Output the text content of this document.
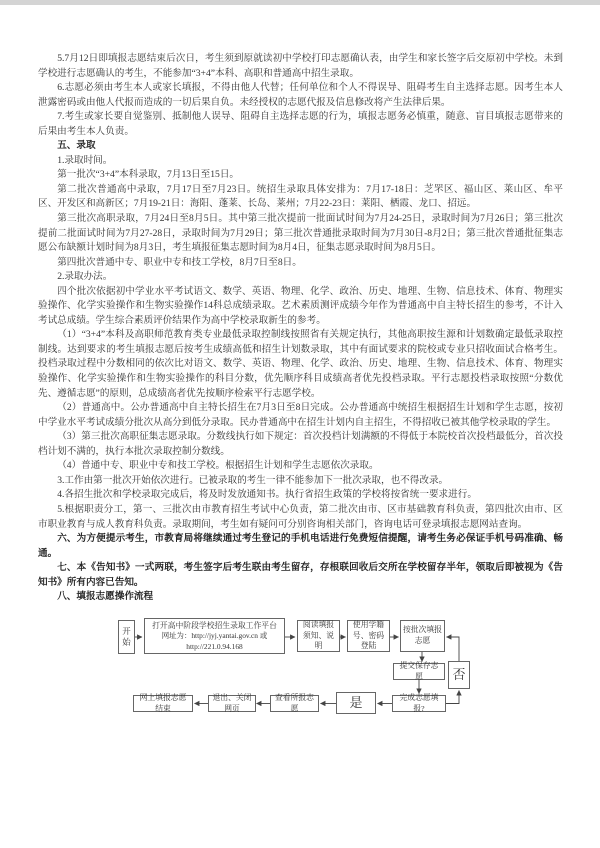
5.7月12日即填报志愿结束后次日，考生须到原就读初中学校打印志愿确认表，由学生和家长签字后交原初中学校。未到学校进行志愿确认的考生，不能参加“3+4”本科、高职和普通高中招生录取。

6.志愿必须由考生本人或家长填报，不得由他人代替；任何单位和个人不得误导、阻碍考生自主选择志愿。因考生本人泄露密码或由他人代报而造成的一切后果自负。未经授权的志愿代报及信息修改将产生法律后果。

7.考生或家长要自觉鉴别、抵制他人误导、阻碍自主选择志愿的行为，填报志愿务必慎重，随意、盲目填报志愿带来的后果由考生本人负责。

五、录取

1.录取时间。

第一批次“3+4”本科录取，7月13日至15日。

第二批次普通高中录取，7月17日至7月23日。统招生录取具体安排为：7月17-18日：芝罘区、福山区、莱山区、牟平区、开发区和高新区；7月19-21日：海阳、蓬莱、长岛、莱州；7月22-23日：莱阳、栖霞、龙口、招远。

第三批次高职录取，7月24日至8月5日。其中第三批次提前一批面试时间为7月24-25日，录取时间为7月26日；第三批次提前二批面试时间为7月27-28日，录取时间为7月29日；第三批次普通批录取时间为7月30日-8月2日；第三批次普通批征集志愿公布缺额计划时间为8月3日，考生填报征集志愿时间为8月4日，征集志愿录取时间为8月5日。

第四批次普通中专、职业中专和技工学校，8月7日至8日。

2.录取办法。

四个批次依据初中学业水平考试语文、数学、英语、物理、化学、政治、历史、地理、生物、信息技术、体育、物理实验操作、化学实验操作和生物实验操作14科总成绩录取。艺术素质测评成绩今年作为普通高中自主特长招生的参考，不计入考试总成绩。学生综合素质评价结果作为高中学校录取新生的参考。

（1）“3+4”本科及高职师范教育类专业最低录取控制线按照省有关规定执行，其他高职按生源和计划数确定最低录取控制线。达到要求的考生填报志愿后按考生成绩高低和招生计划数录取，其中有面试要求的院校或专业只招收面试合格考生。投档录取过程中分数相同的依次比对语文、数学、英语、物理、化学、政治、历史、地理、生物、信息技术、体育、物理实验操作、化学实验操作和生物实验操作的科目分数，优先顺序科目成绩高者优先投档录取。平行志愿投档录取按照“分数优先、遵循志愿”的原则，总成绩高者优先按顺序检索平行志愿学校。

（2）普通高中。公办普通高中自主特长招生在7月3日至8日完成。公办普通高中统招生根据招生计划和学生志愿，按初中学业水平考试成绩分批次从高分到低分录取。民办普通高中在招生计划内自主招生，不得招收已被其他学校录取的学生。

（3）第三批次高职征集志愿录取。分数线执行如下规定：首次投档计划满额的不得低于本院校首次投档最低分，首次投档计划不满的，执行本批次录取控制分数线。

（4）普通中专、职业中专和技工学校。根据招生计划和学生志愿依次录取。

3.工作由第一批次开始依次进行。已被录取的考生一律不能参加下一批次录取，也不得改录。

4.各招生批次和学校录取完成后，将及时发放通知书。执行省招生政策的学校将按省统一要求进行。

5.根据职责分工，第一、三批次由市教育招生考试中心负责，第二批次由市、区市基础教育科负责，第四批次由市、区市职业教育与成人教育科负责。录取期间，考生如有疑问可分别咨询相关部门，咨询电话可登录填报志愿网站查询。

六、为方便提示考生，市教育局将继续通过考生登记的手机电话进行免费短信提醒，请考生务必保证手机号码准确、畅通。

七、本《告知书》一式两联，考生签字后考生联由考生留存，存根联回收后交所在学校留存半年，领取后即被视为《告知书》所有内容已告知。

八、填报志愿操作流程

开始
打开高中阶段学校招生录取工作平台
网址为：http://jyj.yantai.gov.cn 或
http://221.0.94.168
阅读填报须知、说明
使用学籍号、密码登陆
按批次填报志愿
提交保存志愿	否
完成志愿填报?
是
查看所报志愿
退出、关闭网页
网上填报志愿结束
